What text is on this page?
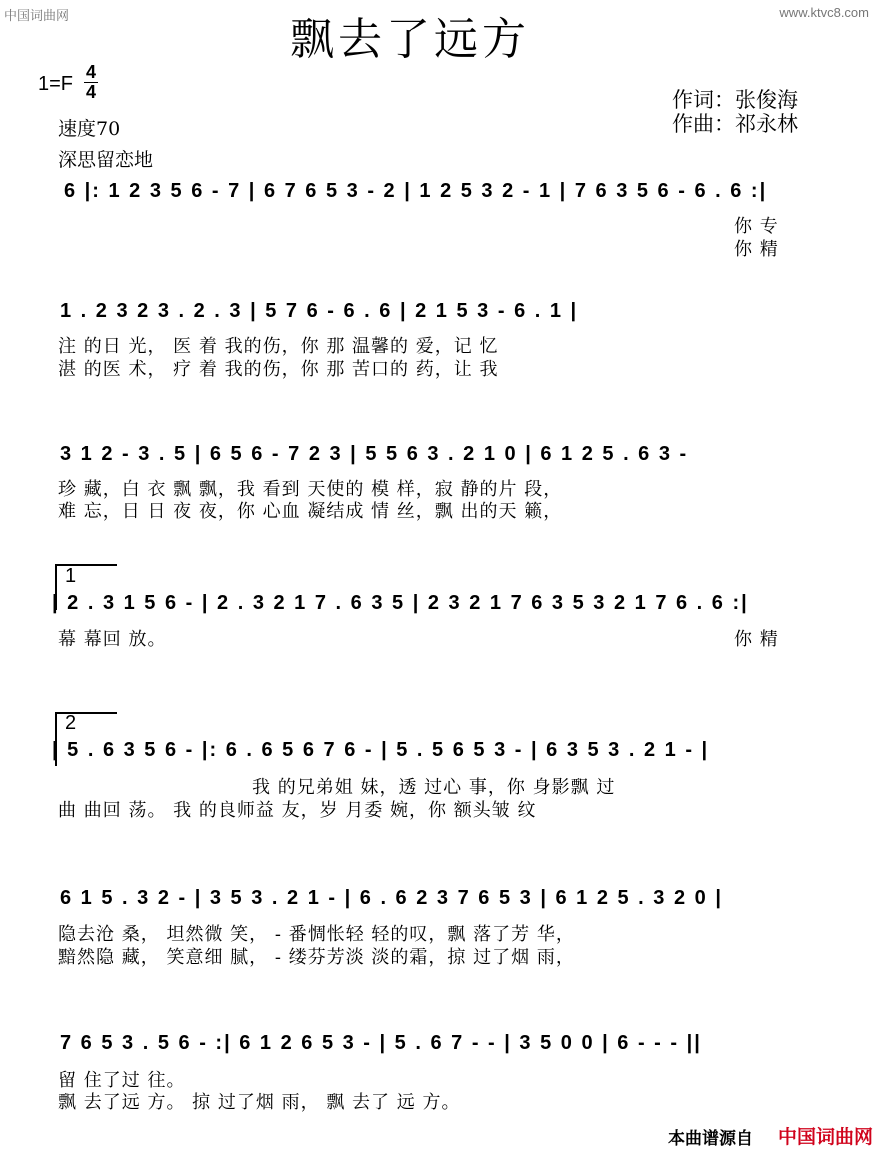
中国词曲网	www.ktvc8.com
飘去了远方
1=F
4
4
速度70
深思留恋地
作词：张俊海
作曲：祁永林
6 |: 1 2 3 5 6 - 7 | 6 7 6 5 3 - 2 | 1 2 5 3 2 - 1 | 7 6 3 5 6 - 6 . 6 :|
你 专
你 精
1 . 2 3 2 3 . 2 . 3 | 5 7 6 - 6 . 6 | 2 1 5 3 - 6 . 1 |
注 的日 光， 医 着 我的伤，你 那 温馨的 爱，记 忆
湛 的医 术， 疗 着 我的伤，你 那 苦口的 药，让 我
3 1 2 - 3 . 5 | 6 5 6 - 7 2 3 | 5 5 6 3 . 2 1 0 | 6 1 2 5 . 6 3 -
珍 藏，白 衣 飘 飘，我 看到 天使的 模 样，寂 静的片 段，
难 忘，日 日 夜 夜，你 心血 凝结成 情 丝，飘 出的天 籁，
1
| 2 . 3 1 5 6 - | 2 . 3 2 1 7 . 6 3 5 | 2 3 2 1 7 6 3 5 3 2 1 7 6 . 6 :|
幕 幕回 放。	你 精
2
| 5 . 6 3 5 6 - |: 6 . 6 5 6 7 6 - | 5 . 5 6 5 3 - | 6 3 5 3 . 2 1 - |
我 的兄弟姐 妹，透 过心 事，你 身影飘 过
曲 曲回 荡。 我 的良师益 友，岁 月委 婉，你 额头皱 纹
6 1 5 . 3 2 - | 3 5 3 . 2 1 - | 6 . 6 2 3 7 6 5 3 | 6 1 2 5 . 3 2 0 |
隐去沧 桑， 坦然微 笑， - 番惆怅轻 轻的叹，飘 落了芳 华，
黯然隐 藏， 笑意细 腻， - 缕芬芳淡 淡的霜，掠 过了烟 雨，
7 6 5 3 . 5 6 - :| 6 1 2 6 5 3 - | 5 . 6 7 - - | 3 5 0 0 | 6 - - - ||
留 住了过 往。
飘 去了远 方。 掠 过了烟 雨， 飘 去了 远 方。
本曲谱源自 中国词曲网
